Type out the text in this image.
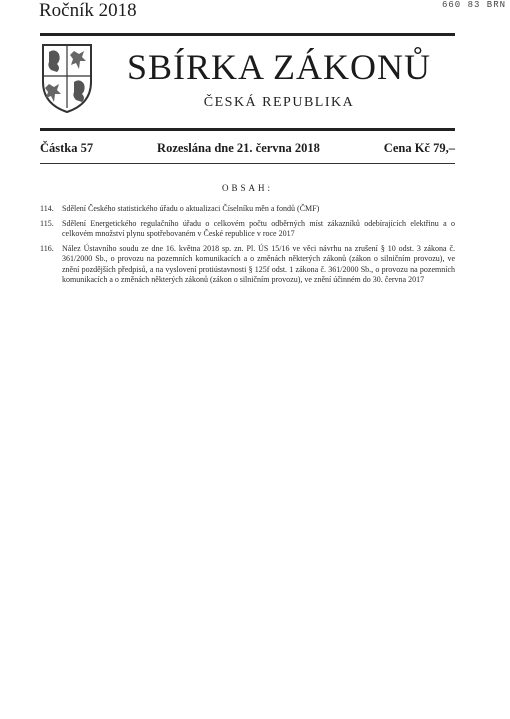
Ročník 2018	660 83 BRN
SBÍRKA ZÁKONŮ
ČESKÁ REPUBLIKA
Částka 57	Rozeslána dne 21. června 2018	Cena Kč 79,–
OBSAH:
114.	Sdělení Českého statistického úřadu o aktualizaci Číselníku měn a fondů (ČMF)
115.	Sdělení Energetického regulačního úřadu o celkovém počtu odběrných míst zákazníků odebírajících elektřinu a o celkovém množství plynu spotřebovaném v České republice v roce 2017
116.	Nález Ústavního soudu ze dne 16. května 2018 sp. zn. Pl. ÚS 15/16 ve věci návrhu na zrušení § 10 odst. 3 zákona č. 361/2000 Sb., o provozu na pozemních komunikacích a o změnách některých zákonů (zákon o silničním provozu), ve znění pozdějších předpisů, a na vyslovení protiústavnosti § 125f odst. 1 zákona č. 361/2000 Sb., o provozu na pozemních komunikacích a o změnách některých zákonů (zákon o silničním provozu), ve znění účinném do 30. června 2017
